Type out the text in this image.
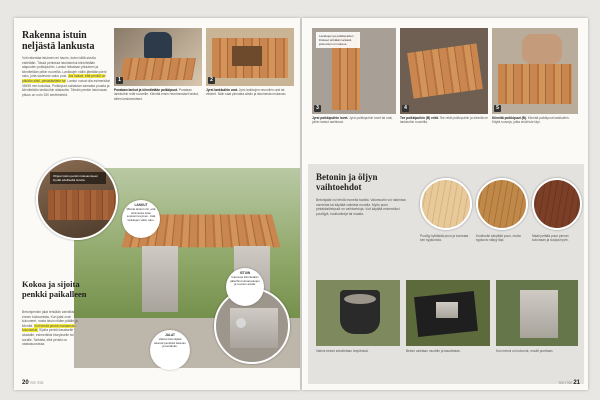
Rakenna istuin neljästä lankusta
Voit rakentaa istuimen eri tavoin, kuten tällä sivulla esitetään. Tässä penkissä istuinlankut kiinnitetään alapuolen poikkipuihin. Lankut leikataan pituuteen ja kiinnitetään pitkin ruuveilla. Lankkujen väliin jätetään pieni rako, jotta sadevesi valuu pois. Jos haluat, että penkki on pitkään siisti, pintakäsittele se. Lankut voivat olla esimerkiksi 45x95 mm kokoisia. Poikkipuut sahataan samasta puusta ja kiinnitetään lankkuihin alakautta. Tämän penkin istuinosan pituus on noin 150 senttimetriä.
1	2
Porataan lankut ja kiinnitetään poikkipuut. Porataan lankkuihin reiät ruuveille. Kiinnitä ensin reunimmaiset lankut, sitten keskimmäiset.
Jyrsi lankkuihin urat. Jyrsi lankkujen reunoihin urat tai viisteet. Näin saat pinnasta siistin ja istuimesta mukavan.
Ohjeet istuin-penkin kokoamiseen löydät edelliseltä sivulta.
LANKUT
Mitoita lankut niin, että istuimesta tulee sopivan levyinen. Jätä lankkujen väliin rako.
Kokoa ja sijoita penkki paikalleen
Betonipenkin jalat tehdään valmiiksi ennen kokoamista. Kun jalat ovat kuivuneet, nosta istuin niiden päälle ja kiinnitä. Voit tehdä penkin haluamasi kokoiseksi. Sijoita penkki tasaiselle alustalle, esimerkiksi kiveykselle tai soralle. Tarkista, että penkki on vaakasuorassa.
JALAT
Valetut betonijalat tekevät penkistä tukevan ja kestävän.
ISTUIN
Istuinosa kiinnitetään jalkoihin kulmarautojen ja ruuvien avulla.
20 TEE ITSE
Lankkujen ja poikkipuiden liitokset tehdään tarkasti, jotta istuin on tukeva.
3	4	5
Jyrsi poikkipuihin lovet. Jyrsi poikkipuihin lovet tai urat, joihin lankut asettuvat.
Tee poikkipuihin (B) reiät. Tee reiät poikkipuihin ja kiinnitä ne lankkuihin ruuveilla.
Kiinnitä poikkipuut (B). Kiinnitä poikkipuut lankkuihin. Käytä ruuveja, jotka eivät tule läpi.
Betonin ja öljyn vaihtoehdot
Betonijalat voi tehdä monella tavalla. Valumuotin voi rakentaa vanerista tai käyttää valmista muottia. Myös puun pintakäsittelyssä on vaihtoehtoja. Voit käyttää esimerkiksi puuöljyä, kuultovärejä tai maalia.
Puuöljy kyllästää puun ja korostaa sen syykuviota.
Kuultoväri sävyttää puun, mutta syykuvio näkyy läpi.
Maali peittää puun pinnan kokonaan ja suojaa hyvin.
Valmis betoni sekoitetaan ämpärissä.	Betoni valetaan muottiin ja tasoitetaan.	Kun betoni on kuivunut, muotti puretaan.
TEE ITSE 21
